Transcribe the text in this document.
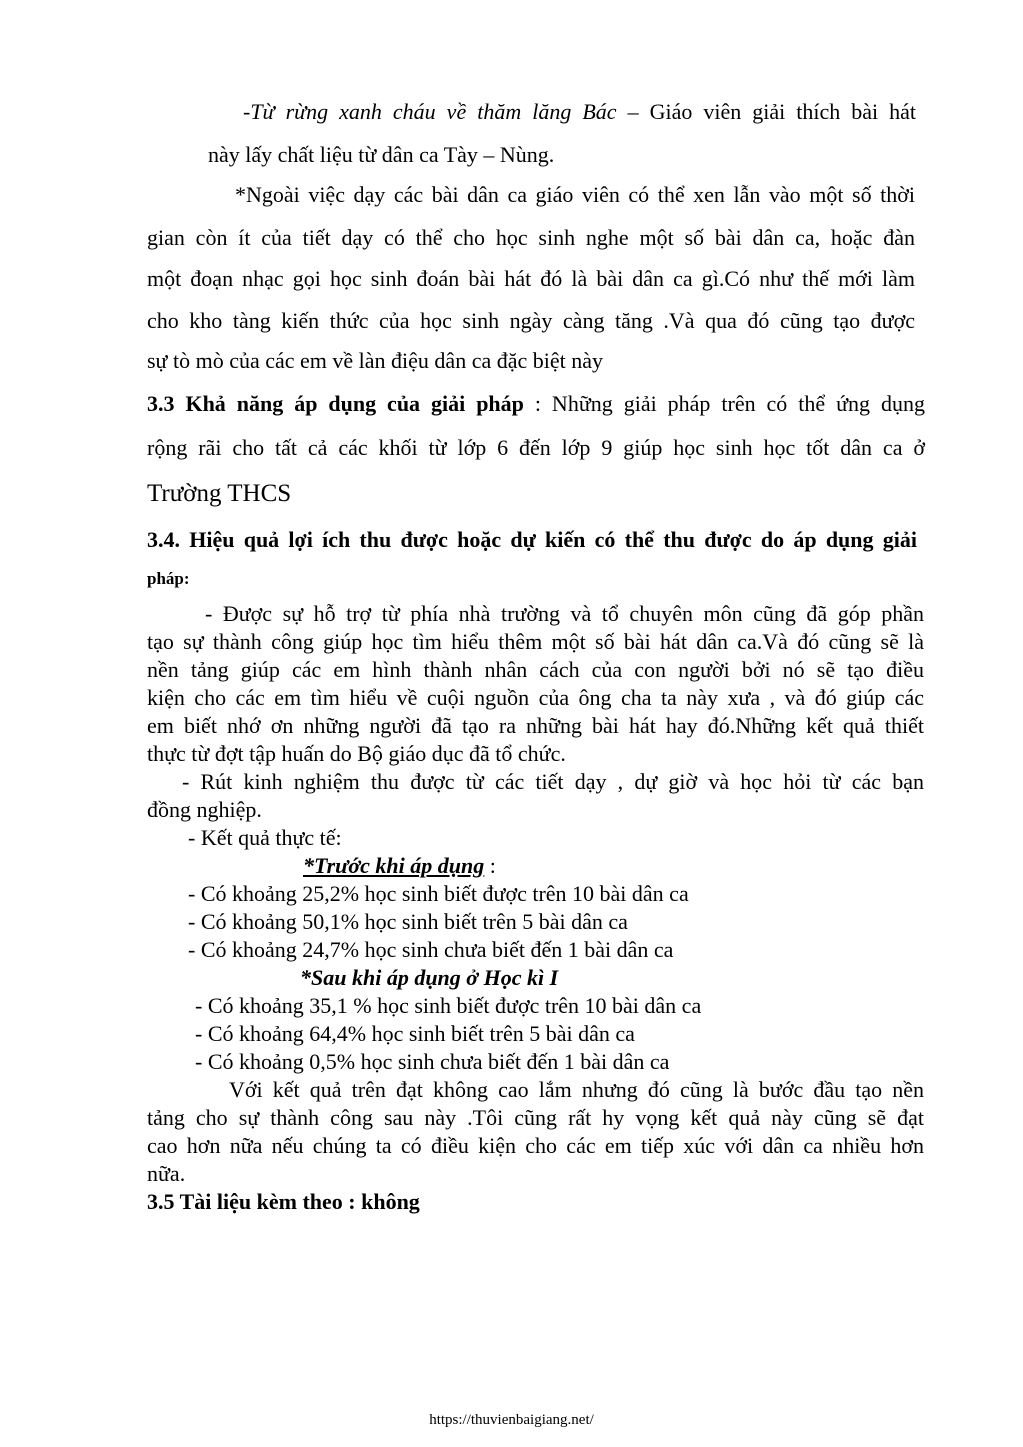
-Từ rừng xanh cháu về thăm lăng Bác – Giáo viên giải thích bài hát
này lấy chất liệu từ dân ca Tày – Nùng.
*Ngoài việc dạy các bài dân ca giáo viên có thể xen lẫn vào một số thời
gian còn ít của tiết dạy có thể cho học sinh nghe một số bài dân ca, hoặc đàn
một đoạn nhạc gọi học sinh đoán bài hát đó là bài dân ca gì.Có như thế mới làm
cho kho tàng kiến thức của học sinh ngày càng tăng .Và qua đó cũng tạo được
sự tò mò của các em về làn điệu dân ca đặc biệt này
3.3 Khả năng áp dụng của giải pháp : Những giải pháp trên có thể ứng dụng
rộng rãi cho tất cả các khối từ lớp 6 đến lớp 9 giúp học sinh học tốt dân ca ở
Trường THCS
3.4. Hiệu quả lợi ích thu được hoặc dự kiến có thể thu được do áp dụng giải
pháp:
- Được sự hỗ trợ từ phía nhà trường và tổ chuyên môn cũng đã góp phần
tạo sự thành công giúp học tìm hiểu thêm một số bài hát dân ca.Và đó cũng sẽ là
nền tảng giúp các em hình thành nhân cách của con người bởi nó sẽ tạo điều
kiện cho các em tìm hiểu về cuội nguồn của ông cha ta này xưa , và đó giúp các
em biết nhớ ơn những người đã tạo ra những bài hát hay đó.Những kết quả thiết
thực từ đợt tập huấn do Bộ giáo dục đã tổ chức.
- Rút kinh nghiệm thu được từ các tiết dạy , dự giờ và học hỏi từ các bạn
đồng nghiệp.
- Kết quả thực tế:
*Trước khi áp dụng :
- Có khoảng 25,2% học sinh biết được trên 10 bài dân ca
- Có khoảng 50,1% học sinh biết trên 5 bài dân ca
- Có khoảng 24,7% học sinh chưa biết đến 1 bài dân ca
*Sau khi áp dụng ở Học kì I
- Có khoảng 35,1 % học sinh biết được trên 10 bài dân ca
- Có khoảng 64,4% học sinh biết trên 5 bài dân ca
- Có khoảng 0,5% học sinh chưa biết đến 1 bài dân ca
Với kết quả trên đạt không cao lắm nhưng đó cũng là bước đầu tạo nền
tảng cho sự thành công sau này .Tôi cũng rất hy vọng kết quả này cũng sẽ đạt
cao hơn nữa nếu chúng ta có điều kiện cho các em tiếp xúc với dân ca nhiều hơn
nữa.
3.5 Tài liệu kèm theo : không
https://thuvienbaigiang.net/
